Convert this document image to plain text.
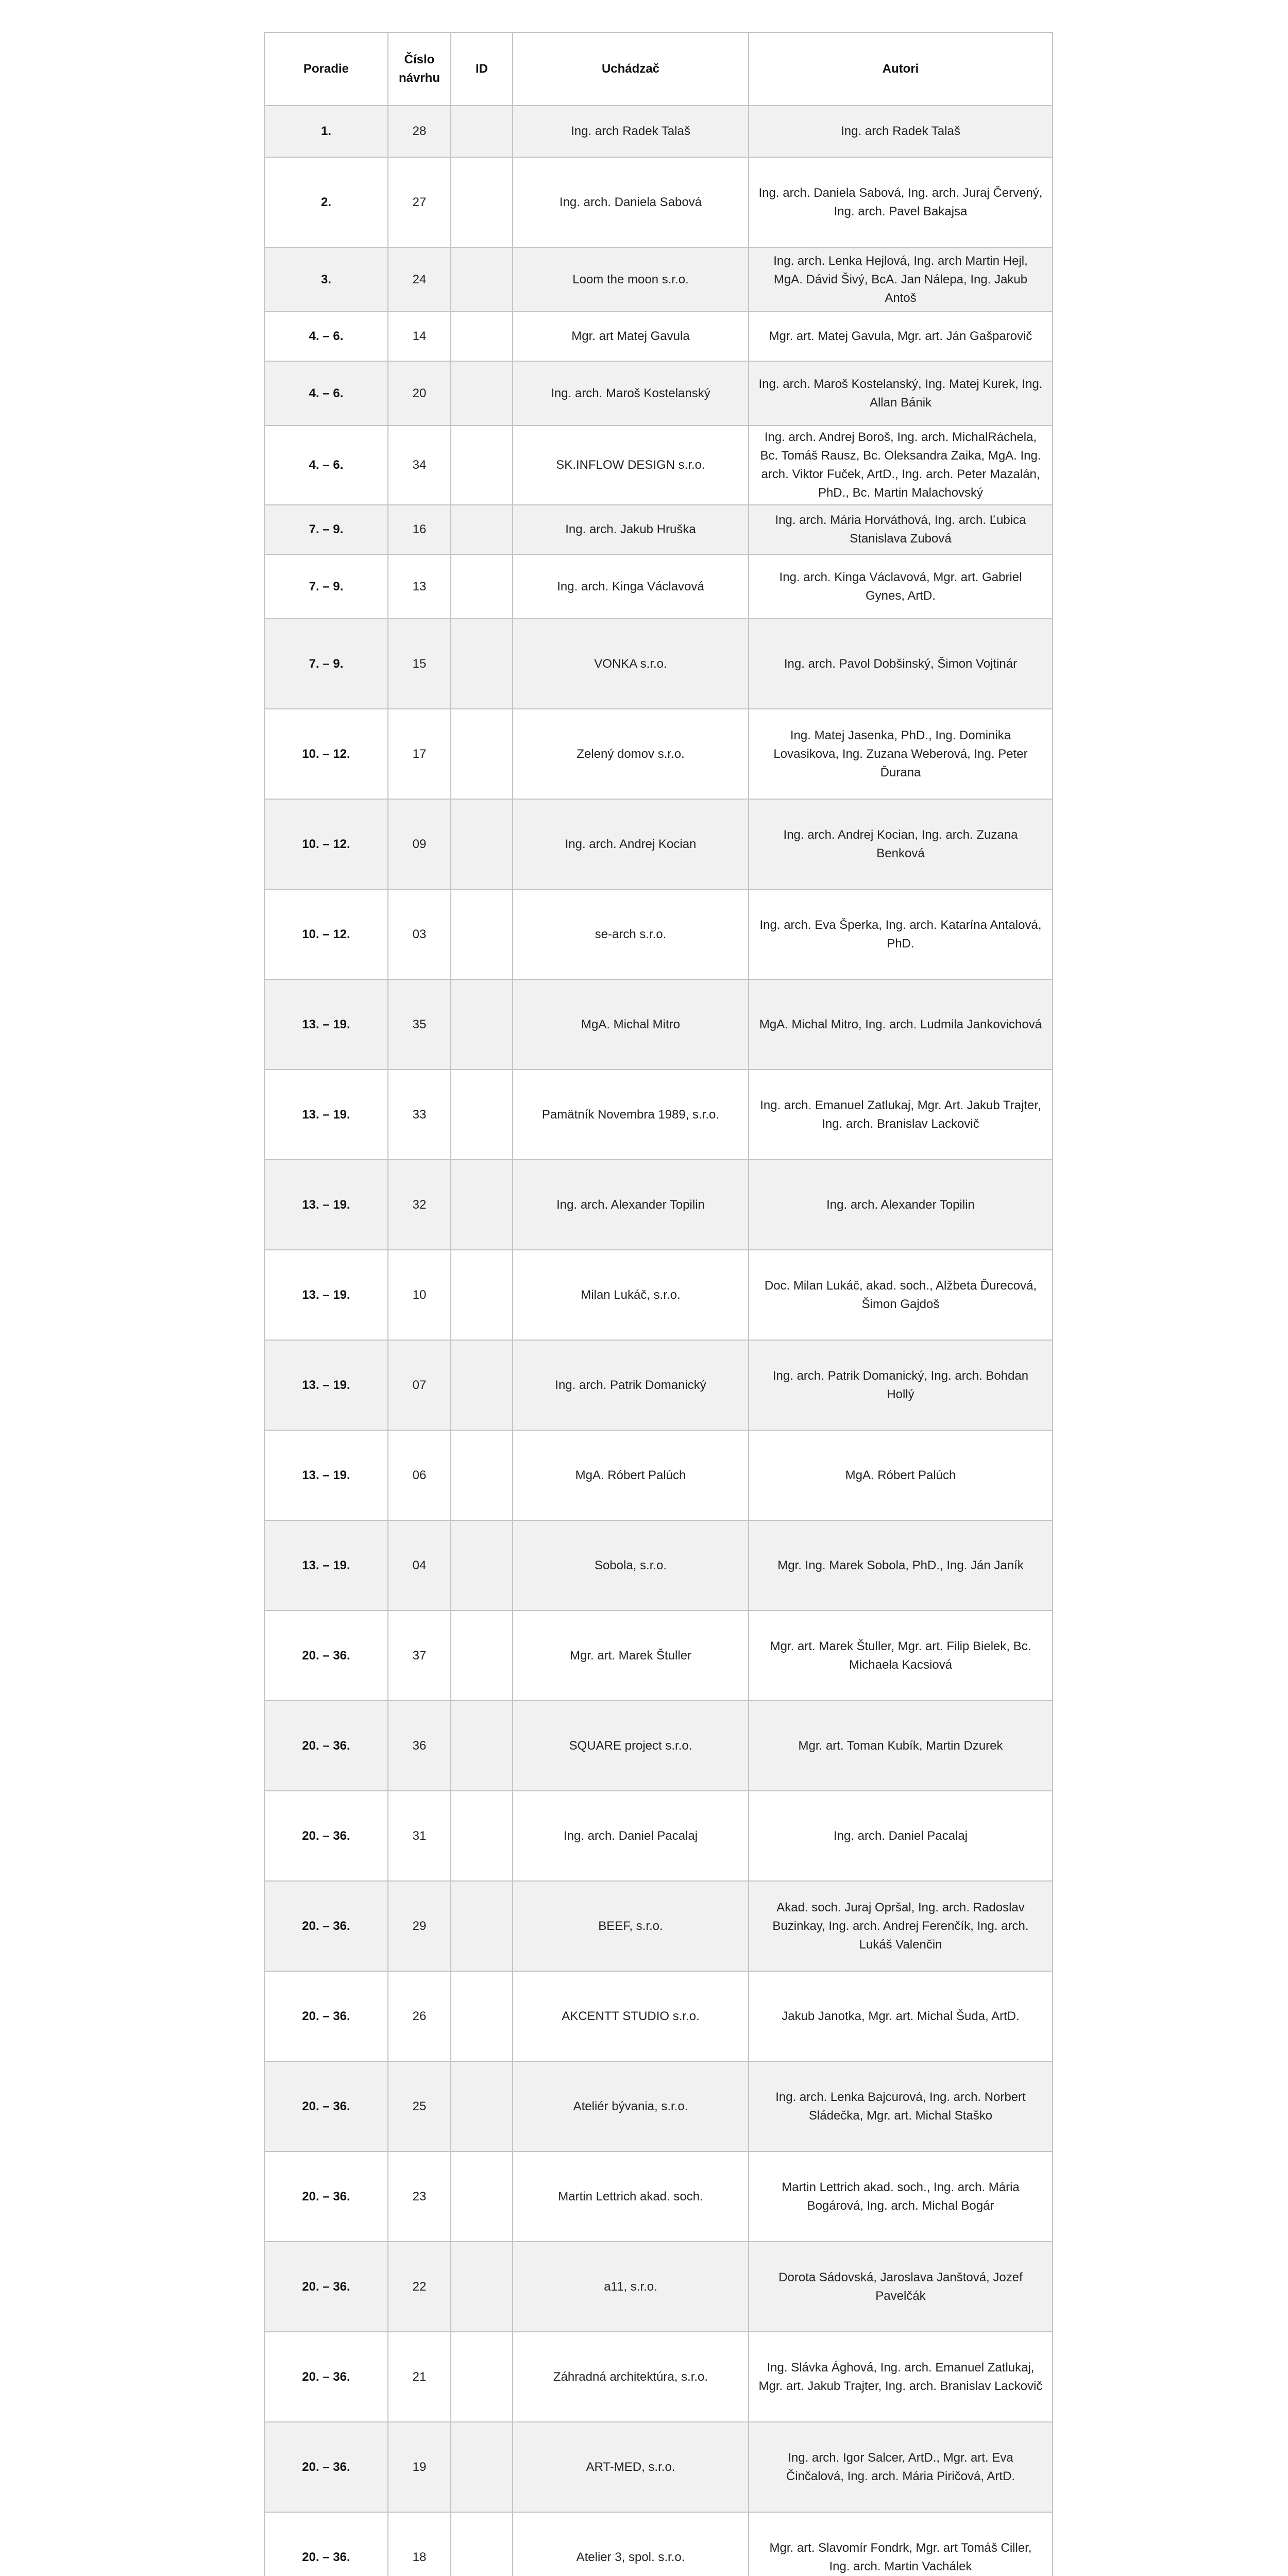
Poradie	Číslo návrhu	ID	Uchádzač	Autori
1.	28		Ing. arch Radek Talaš	Ing. arch Radek Talaš
2.	27		Ing. arch. Daniela Sabová	Ing. arch. Daniela Sabová, Ing. arch. Juraj Červený, Ing. arch. Pavel Bakajsa
3.	24		Loom the moon s.r.o.	Ing. arch. Lenka Hejlová, Ing. arch Martin Hejl, MgA. Dávid Šivý, BcA. Jan Nálepa, Ing. Jakub Antoš
4. – 6.	14		Mgr. art Matej Gavula	Mgr. art. Matej Gavula, Mgr. art. Ján Gašparovič
4. – 6.	20		Ing. arch. Maroš Kostelanský	Ing. arch. Maroš Kostelanský, Ing. Matej Kurek, Ing. Allan Bánik
4. – 6.	34		SK.INFLOW DESIGN s.r.o.	Ing. arch. Andrej Boroš, Ing. arch. MichalRáchela, Bc. Tomáš Rausz, Bc. Oleksandra Zaika, MgA. Ing. arch. Viktor Fuček, ArtD., Ing. arch. Peter Mazalán, PhD., Bc. Martin Malachovský
7. – 9.	16		Ing. arch. Jakub Hruška	Ing. arch. Mária Horváthová, Ing. arch. Ľubica Stanislava Zubová
7. – 9.	13		Ing. arch. Kinga Václavová	Ing. arch. Kinga Václavová, Mgr. art. Gabriel Gynes, ArtD.
7. – 9.	15		VONKA s.r.o.	Ing. arch. Pavol Dobšinský, Šimon Vojtinár
10. – 12.	17		Zelený domov s.r.o.	Ing. Matej Jasenka, PhD., Ing. Dominika Lovasikova, Ing. Zuzana Weberová, Ing. Peter Ďurana
10. – 12.	09		Ing. arch. Andrej Kocian	Ing. arch. Andrej Kocian, Ing. arch. Zuzana Benková
10. – 12.	03		se-arch s.r.o.	Ing. arch. Eva Šperka, Ing. arch. Katarína Antalová, PhD.
13. – 19.	35		MgA. Michal Mitro	MgA. Michal Mitro, Ing. arch. Ludmila Jankovichová
13. – 19.	33		Pamätník Novembra 1989, s.r.o.	Ing. arch. Emanuel Zatlukaj, Mgr. Art. Jakub Trajter, Ing. arch. Branislav Lackovič
13. – 19.	32		Ing. arch. Alexander Topilin	Ing. arch. Alexander Topilin
13. – 19.	10		Milan Lukáč, s.r.o.	Doc. Milan Lukáč, akad. soch., Alžbeta Ďurecová, Šimon Gajdoš
13. – 19.	07		Ing. arch. Patrik Domanický	Ing. arch. Patrik Domanický, Ing. arch. Bohdan Hollý
13. – 19.	06		MgA. Róbert Palúch	MgA. Róbert Palúch
13. – 19.	04		Sobola, s.r.o.	Mgr. Ing. Marek Sobola, PhD., Ing. Ján Janík
20. – 36.	37		Mgr. art. Marek Štuller	Mgr. art. Marek Štuller, Mgr. art. Filip Bielek, Bc. Michaela Kacsiová
20. – 36.	36		SQUARE project s.r.o.	Mgr. art. Toman Kubík, Martin Dzurek
20. – 36.	31		Ing. arch. Daniel Pacalaj	Ing. arch. Daniel Pacalaj
20. – 36.	29		BEEF, s.r.o.	Akad. soch. Juraj Opršal, Ing. arch. Radoslav Buzinkay, Ing. arch. Andrej Ferenčík, Ing. arch. Lukáš Valenčin
20. – 36.	26		AKCENTT STUDIO s.r.o.	Jakub Janotka, Mgr. art. Michal Šuda, ArtD.
20. – 36.	25		Ateliér bývania, s.r.o.	Ing. arch. Lenka Bajcurová, Ing. arch. Norbert Sládečka, Mgr. art. Michal Staško
20. – 36.	23		Martin Lettrich akad. soch.	Martin Lettrich akad. soch., Ing. arch. Mária Bogárová, Ing. arch. Michal Bogár
20. – 36.	22		a11, s.r.o.	Dorota Sádovská, Jaroslava Janštová, Jozef Pavelčák
20. – 36.	21		Záhradná architektúra, s.r.o.	Ing. Slávka Ághová, Ing. arch. Emanuel Zatlukaj, Mgr. art. Jakub Trajter, Ing. arch. Branislav Lackovič
20. – 36.	19		ART-MED, s.r.o.	Ing. arch. Igor Salcer, ArtD., Mgr. art. Eva Činčalová, Ing. arch. Mária Piričová, ArtD.
20. – 36.	18		Atelier 3, spol. s.r.o.	Mgr. art. Slavomír Fondrk, Mgr. art Tomáš Ciller, Ing. arch. Martin Vachálek
